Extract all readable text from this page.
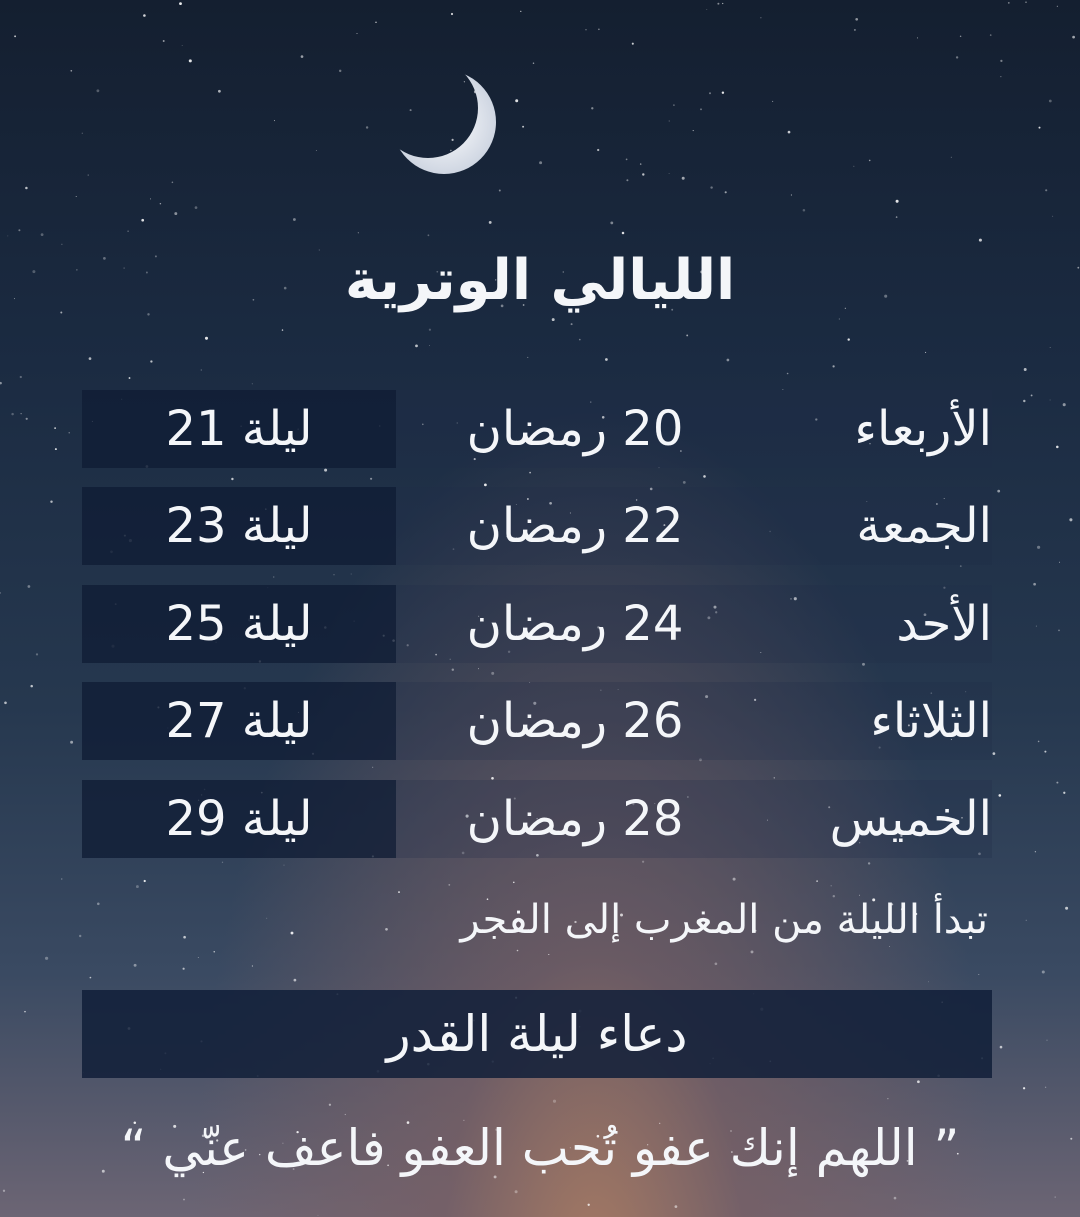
الليالي الوترية
ليلة 21	20 رمضان	الأربعاء
ليلة 23	22 رمضان	الجمعة
ليلة 25	24 رمضان	الأحد
ليلة 27	26 رمضان	الثلاثاء
ليلة 29	28 رمضان	الخميس
تبدأ الليلة من المغرب إلى الفجر
دعاء ليلة القدر
” اللهم إنك عفو تُحب العفو فاعف عنّي “
